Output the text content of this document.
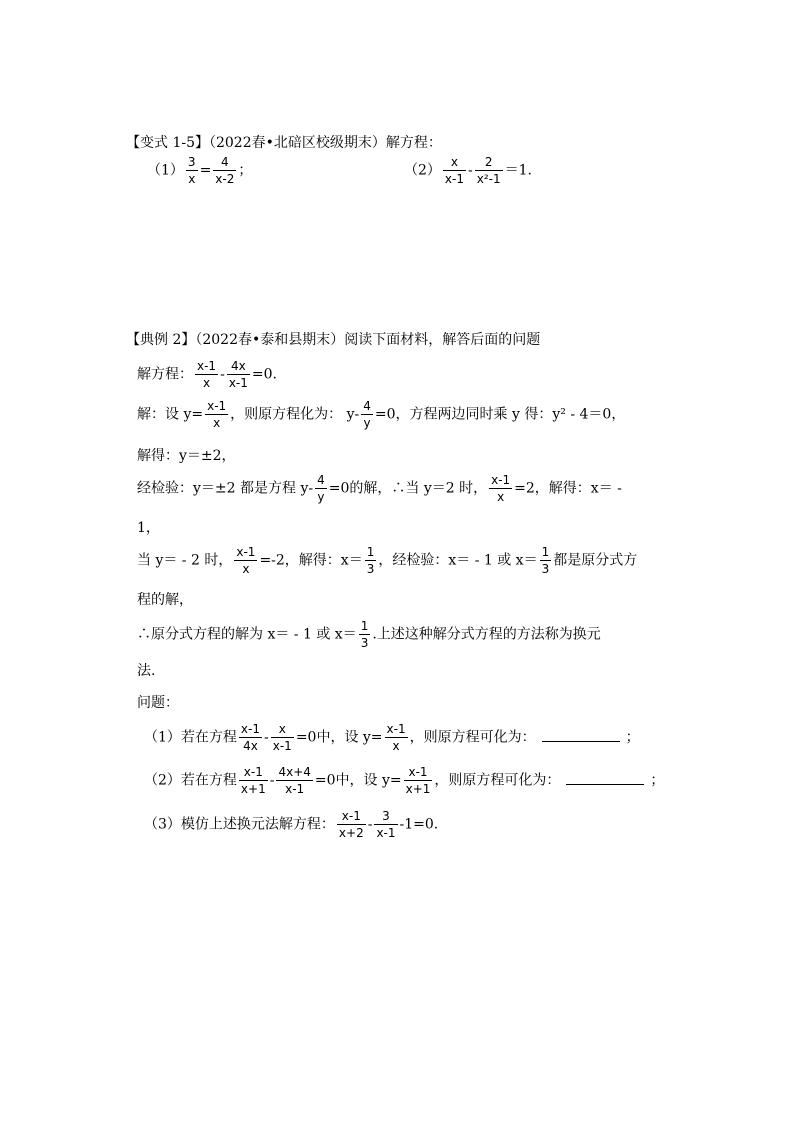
【变式 1-5】（2022春•北碚区校级期末）解方程：
$(1) \frac{3}{x} = \frac{4}{x-2}$ ；	$(2) \frac{x}{x-1} - \frac{2}{\text{x²-1}} =1$.
【典例 2】（2022春•泰和县期末）阅读下面材料，解答后面的问题
解方程： $\frac{x-1}{x} - \frac{4x}{x-1} =0$.
解：设 $y= \frac{x-1}{x}$ ，则原方程化为： $y- \frac{4}{y} =0$，方程两边同时乘 y 得：y² - 4＝0，
解得：y＝±2，
经检验：y＝±2 都是方程 $y- \frac{4}{y} =0$的解，∴当 y＝2 时， $\frac{x-1}{x} =2$，解得：x＝ -
1，
当 y＝ - 2 时， $\frac{x-1}{x} =-2$，解得：$x= \frac{1}{3}$ ，经检验：x＝ - 1 或 $x= \frac{1}{3}$ 都是原分式方
程的解，
∴原分式方程的解为 x＝ - 1 或 $x= \frac{1}{3}$ .上述这种解分式方程的方法称为换元
法.
问题：
（1）若在方程 $\frac{x-1}{4x} - \frac{x}{x-1} =0$中，设 $y= \frac{x-1}{x}$ ，则原方程可化为：	；
（2）若在方程 $\frac{x-1}{x+1} - \frac{4x+4}{x-1} =0$中，设 $y= \frac{x-1}{x+1}$ ，则原方程可化为：	；
（3）模仿上述换元法解方程： $\frac{x-1}{x+2} - \frac{3}{x-1} -1=0$.
